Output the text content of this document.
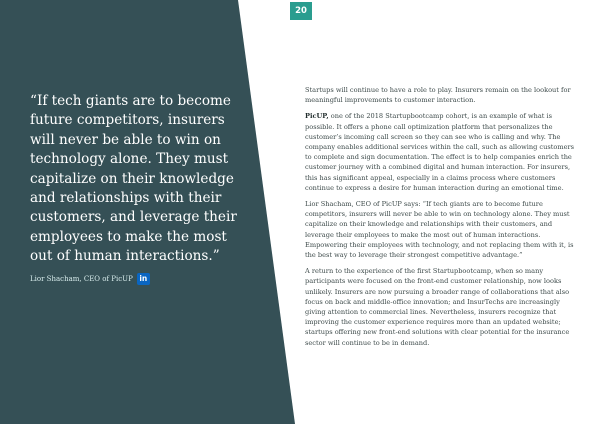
20

“If tech giants are to become future competitors, insurers will never be able to win on technology alone. They must capitalize on their knowledge and relationships with their customers, and leverage their employees to make the most out of human interactions.”

Lior Shacham, CEO of PicUP in

Startups will continue to have a role to play. Insurers remain on the lookout for meaningful improvements to customer interaction.

PicUP, one of the 2018 Startupbootcamp cohort, is an example of what is possible. It offers a phone call optimization platform that personalizes the customer’s incoming call screen so they can see who is calling and why. The company enables additional services within the call, such as allowing customers to complete and sign documentation. The effect is to help companies enrich the customer journey with a combined digital and human interaction. For insurers, this has significant appeal, especially in a claims process where customers continue to express a desire for human interaction during an emotional time.

Lior Shacham, CEO of PicUP says: “If tech giants are to become future competitors, insurers will never be able to win on technology alone. They must capitalize on their knowledge and relationships with their customers, and leverage their employees to make the most out of human interactions. Empowering their employees with technology, and not replacing them with it, is the best way to leverage their strongest competitive advantage.”

A return to the experience of the first Startupbootcamp, when so many participants were focused on the front-end customer relationship, now looks unlikely. Insurers are now pursuing a broader range of collaborations that also focus on back and middle-office innovation; and InsurTechs are increasingly giving attention to commercial lines. Nevertheless, insurers recognize that improving the customer experience requires more than an updated website; startups offering new front-end solutions with clear potential for the insurance sector will continue to be in demand.
